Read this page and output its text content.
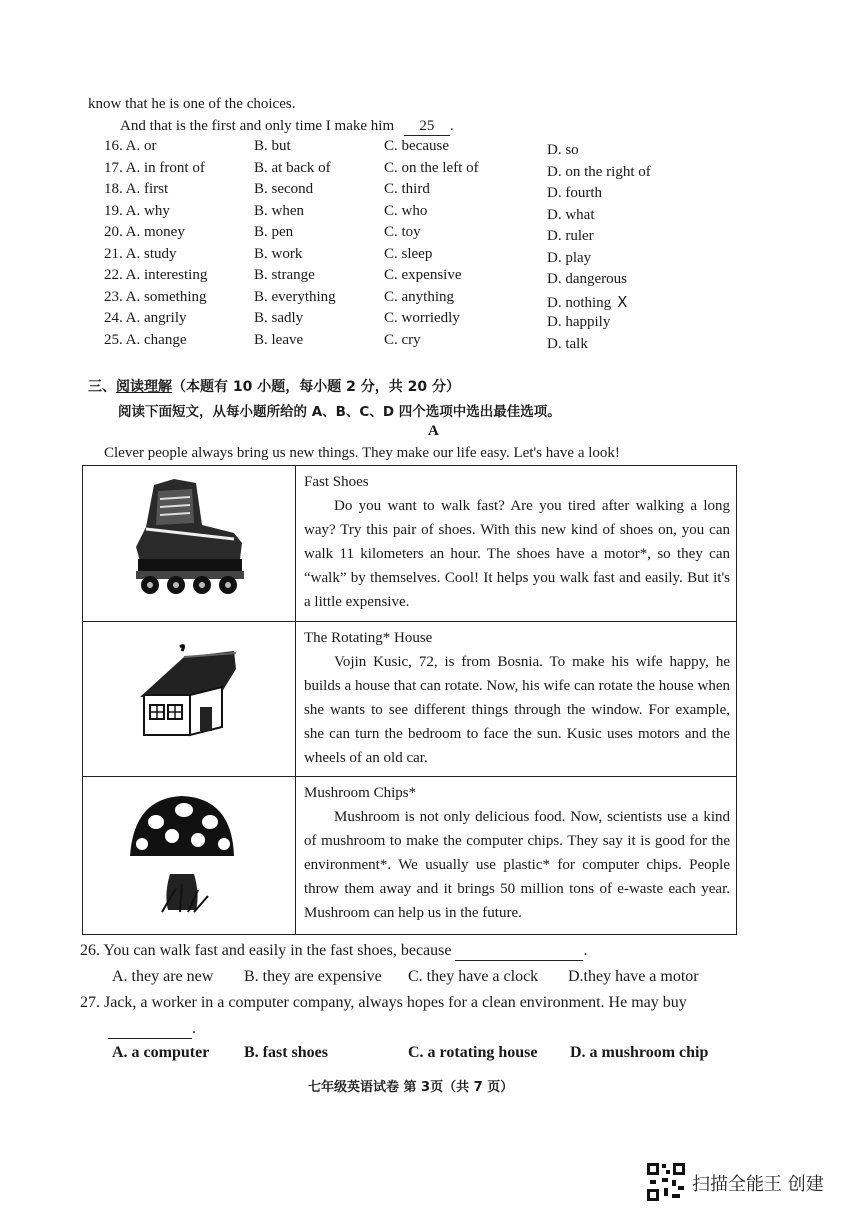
know that he is one of the choices.
And that is the first and only time I make him 25 .
16. A. or	B. but	C. because	D. so
17. A. in front of	B. at back of	C. on the left of	D. on the right of
18. A. first	B. second	C. third	D. fourth
19. A. why	B. when	C. who	D. what
20. A. money	B. pen	C. toy	D. ruler
21. A. study	B. work	C. sleep	D. play
22. A. interesting	B. strange	C. expensive	D. dangerous
23. A. something	B. everything	C. anything	D. nothing X
24. A. angrily	B. sadly	C. worriedly	D. happily
25. A. change	B. leave	C. cry	D. talk
三、阅读理解（本题有 10 小题，每小题 2 分，共 20 分）
阅读下面短文，从每小题所给的 A、B、C、D 四个选项中选出最佳选项。
A
Clever people always bring us new things. They make our life easy. Let's have a look!

Fast Shoes
Do you want to walk fast? Are you tired after walking a long way? Try this pair of shoes. With this new kind of shoes on, you can walk 11 kilometers an hour. The shoes have a motor*, so they can “walk” by themselves. Cool! It helps you walk fast and easily. But it's a little expensive.

The Rotating* House
Vojin Kusic, 72, is from Bosnia. To make his wife happy, he builds a house that can rotate. Now, his wife can rotate the house when she wants to see different things through the window. For example, she can turn the bedroom to face the sun. Kusic uses motors and the wheels of an old car.

Mushroom Chips*
Mushroom is not only delicious food. Now, scientists use a kind of mushroom to make the computer chips. They say it is good for the environment*. We usually use plastic* for computer chips. People throw them away and it brings 50 million tons of e-waste each year. Mushroom can help us in the future.
26. You can walk fast and easily in the fast shoes, because	.
A. they are new B. they are expensive C. they have a clock D.they have a motor
27. Jack, a worker in a computer company, always hopes for a clean environment. He may buy
.
A. a computer B. fast shoes	C. a rotating house D. a mushroom chip
七年级英语试卷 第 3页（共 7 页）
扫描全能王 创建
